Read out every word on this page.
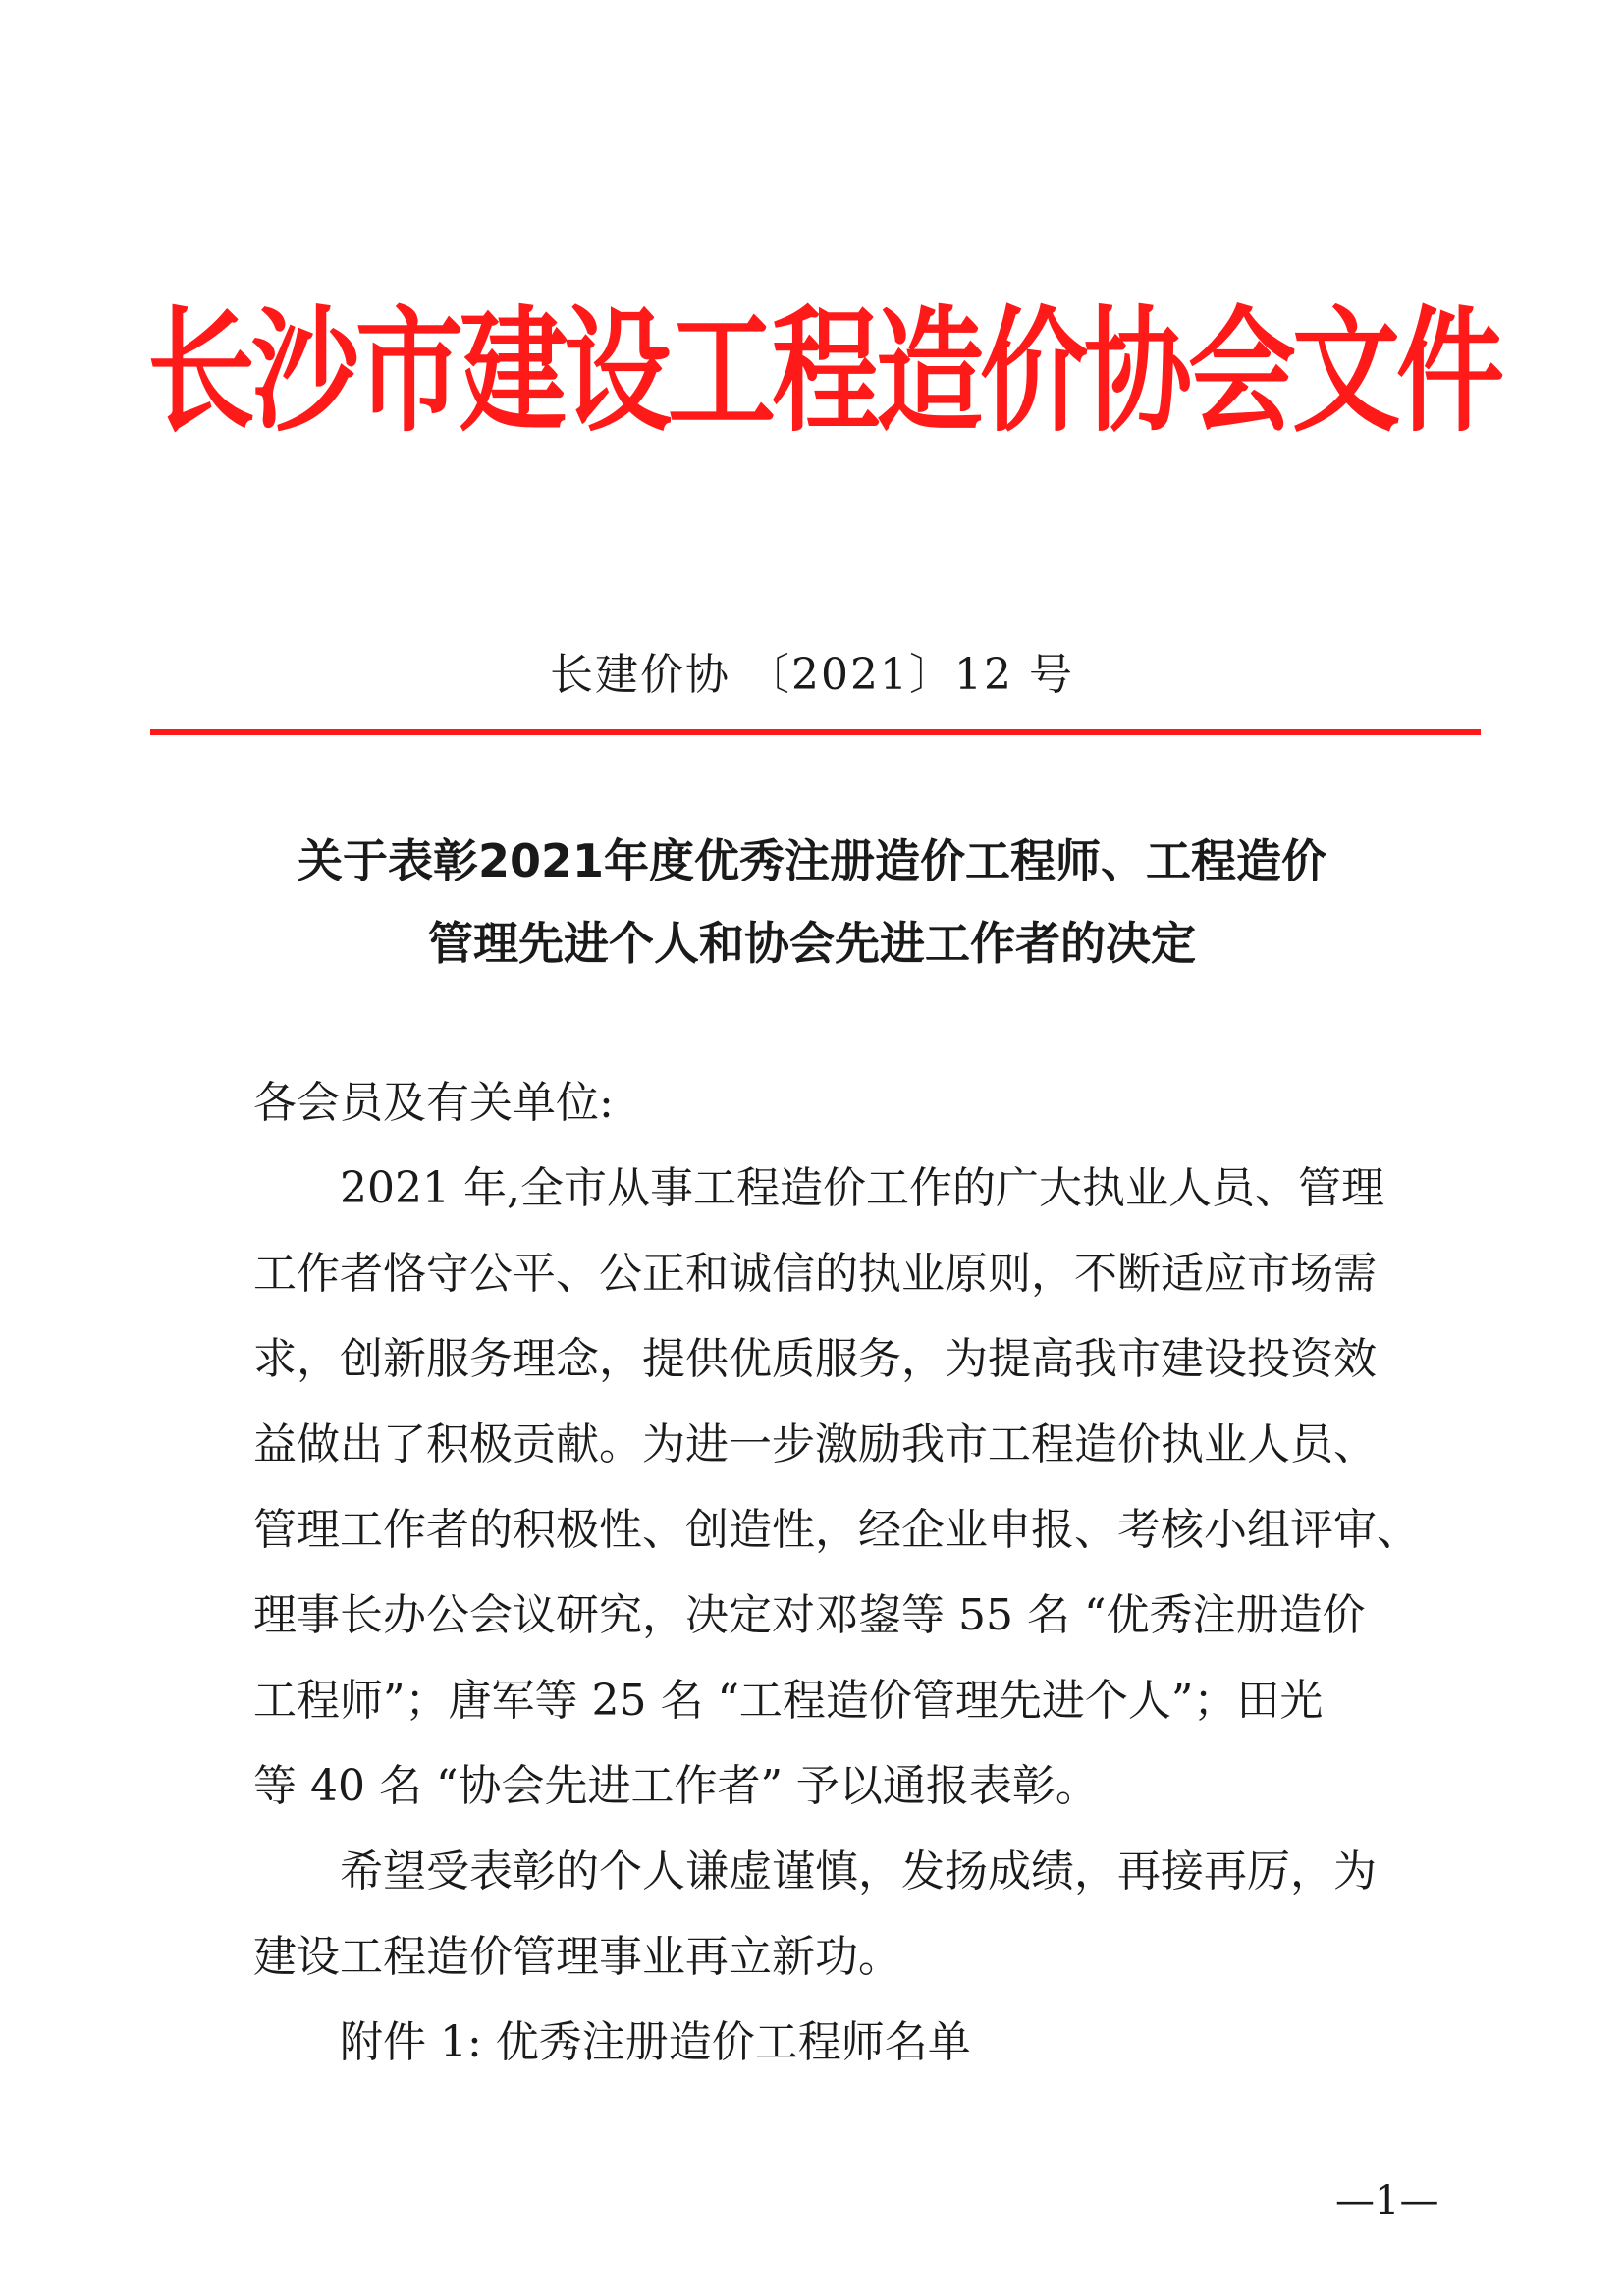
长沙市建设工程造价协会文件
长建价协 〔2021〕12 号
关于表彰2021年度优秀注册造价工程师、工程造价
管理先进个人和协会先进工作者的决定

各会员及有关单位:

2021 年,全市从事工程造价工作的广大执业人员、管理
工作者恪守公平、公正和诚信的执业原则，不断适应市场需
求，创新服务理念，提供优质服务，为提高我市建设投资效
益做出了积极贡献。为进一步激励我市工程造价执业人员、
管理工作者的积极性、创造性，经企业申报、考核小组评审、
理事长办公会议研究，决定对邓鋆等 55 名 “优秀注册造价
工程师”；唐军等 25 名 “工程造价管理先进个人”；田光
等 40 名 “协会先进工作者” 予以通报表彰。

希望受表彰的个人谦虚谨慎，发扬成绩，再接再厉，为
建设工程造价管理事业再立新功。

附件 1: 优秀注册造价工程师名单

—1—
